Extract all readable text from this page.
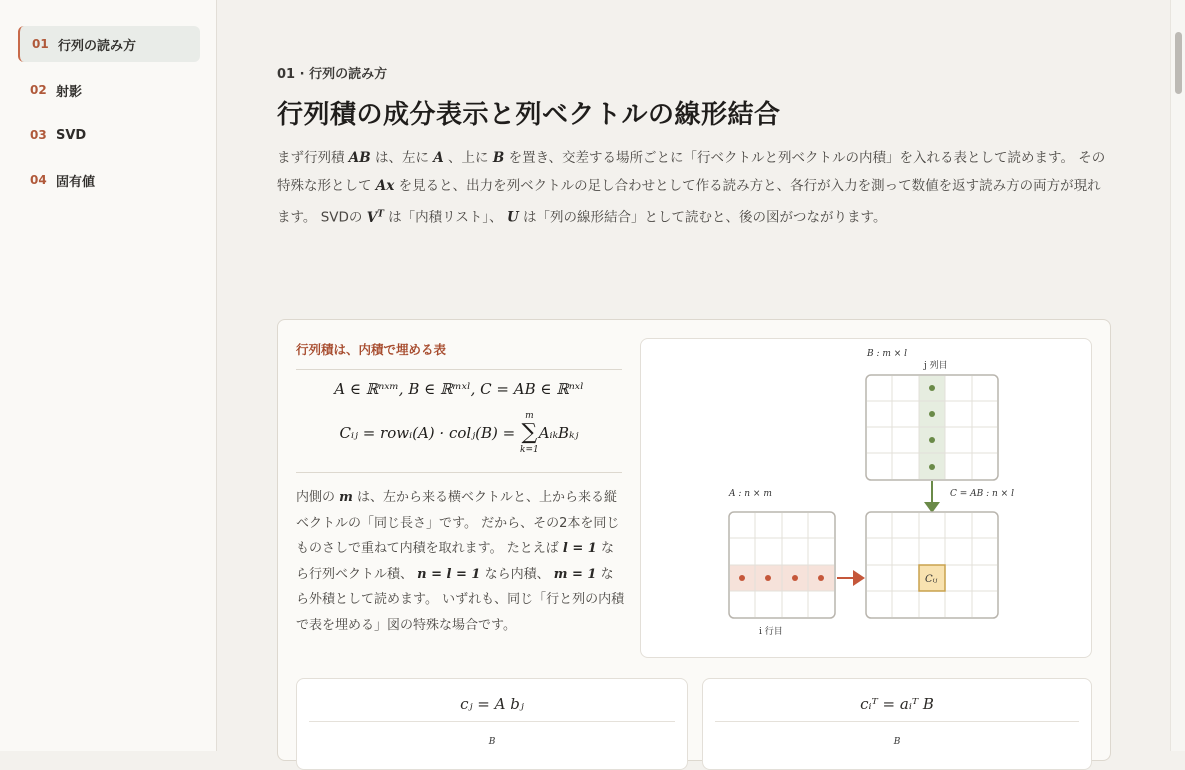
01 行列の読み方
02 射影
03 SVD
04 固有値
01 · 行列の読み方
行列積の成分表示と列ベクトルの線形結合
まず行列積 AB は、左に A 、上に B を置き、交差する場所ごとに「行ベクトルと列ベクトルの内積」を入れる表として読めます。 その特殊な形として Ax を見ると、出力を列ベクトルの足し合わせとして作る読み方と、各行が入力を測って数値を返す読み方の両方が現れます。 SVDの $V^T$ は「内積リスト」、 U は「列の線形結合」として読むと、後の図がつながります。
行列積は、内積で埋める表
A ∈ ℝⁿˣᵐ, B ∈ ℝᵐˣˡ, C = AB ∈ ℝⁿˣˡ
Cᵢⱼ = rowᵢ(A) · colⱼ(B) =
m
∑
k=1
AᵢₖBₖⱼ
内側の m は、左から来る横ベクトルと、上から来る縦ベクトルの「同じ長さ」です。 だから、その2本を同じものさしで重ねて内積を取れます。 たとえば l = 1 なら行列ベクトル積、 n = l = 1 なら内積、 m = 1 なら外積として読めます。 いずれも、同じ「行と列の内積で表を埋める」図の特殊な場合です。
B : m × l
j 列目
A : n × m
i 行目
C = AB : n × l
Cᵢⱼ
cⱼ = A bⱼ
B
cᵢᵀ = aᵢᵀ B
B
